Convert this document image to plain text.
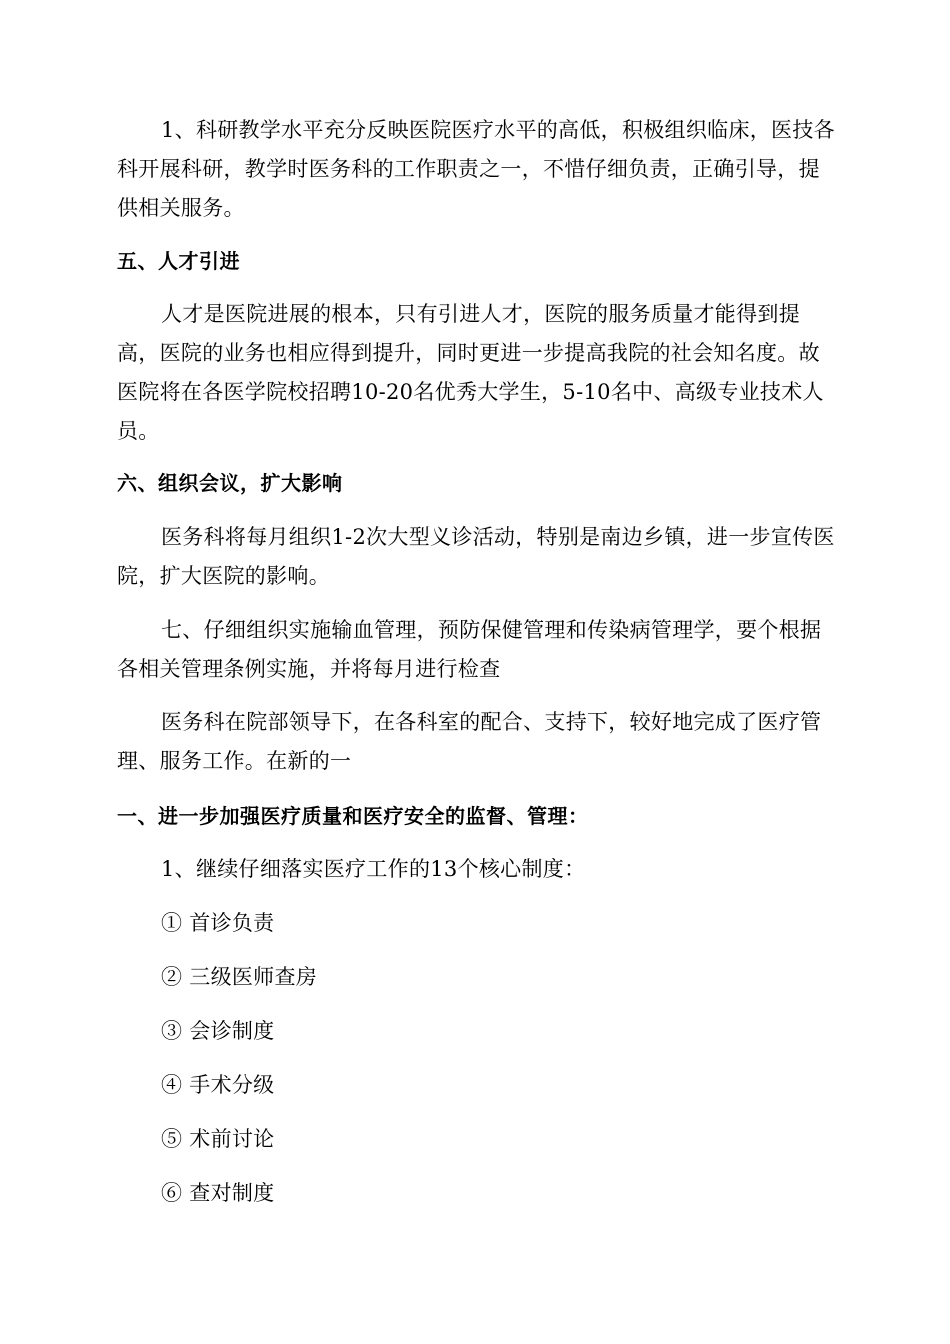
1、科研教学水平充分反映医院医疗水平的高低，积极组织临床，医技各科开展科研，教学时医务科的工作职责之一，不惜仔细负责，正确引导，提供相关服务。

五、人才引进

人才是医院进展的根本，只有引进人才，医院的服务质量才能得到提高，医院的业务也相应得到提升，同时更进一步提高我院的社会知名度。故医院将在各医学院校招聘10-20名优秀大学生，5-10名中、高级专业技术人员。

六、组织会议，扩大影响

医务科将每月组织1-2次大型义诊活动，特别是南边乡镇，进一步宣传医院，扩大医院的影响。

七、仔细组织实施输血管理，预防保健管理和传染病管理学，要个根据各相关管理条例实施，并将每月进行检查

医务科在院部领导下，在各科室的配合、支持下，较好地完成了医疗管理、服务工作。在新的一

一、进一步加强医疗质量和医疗安全的监督、管理：

1、继续仔细落实医疗工作的13个核心制度：

① 首诊负责

② 三级医师查房

③ 会诊制度

④ 手术分级

⑤ 术前讨论

⑥ 查对制度
